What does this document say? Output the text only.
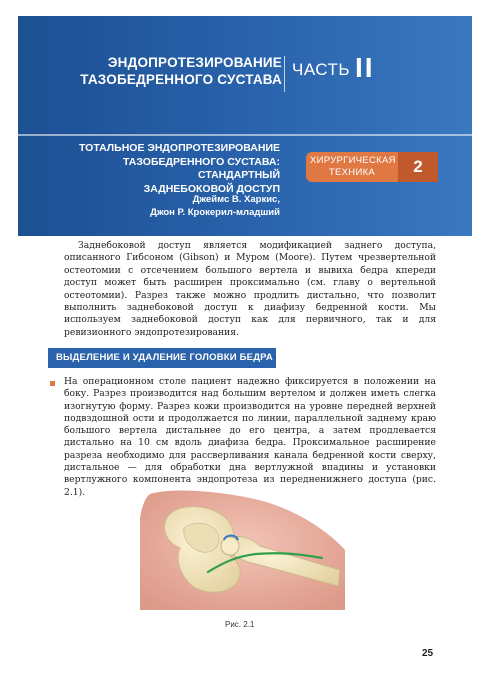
ЭНДОПРОТЕЗИРОВАНИЕ
ТАЗОБЕДРЕННОГО СУСТАВА
ЧАСТЬ II
ТОТАЛЬНОЕ ЭНДОПРОТЕЗИРОВАНИЕ
ТАЗОБЕДРЕННОГО СУСТАВА: СТАНДАРТНЫЙ
ЗАДНЕБОКОВОЙ ДОСТУП
Джеймс В. Харкис,
Джон Р. Крокерил-младший
ХИРУРГИЧЕСКАЯ
ТЕХНИКА	2
Заднебоковой доступ является модификацией заднего доступа, описанного Гибсоном (Gibson) и Муром (Moore). Путем чрезвертельной остеотомии с отсечением большого вертела и вывиха бедра кпереди доступ может быть расширен проксимально (см. главу о вертельной остеотомии). Разрез также можно продлить дистально, что позволит выполнить заднебоковой доступ к диафизу бедренной кости. Мы используем заднебоковой доступ как для первичного, так и для ревизионного эндопротезирования.
ВЫДЕЛЕНИЕ И УДАЛЕНИЕ ГОЛОВКИ БЕДРА
На операционном столе пациент надежно фиксируется в положении на боку. Разрез производится над большим вертелом и должен иметь слегка изогнутую форму. Разрез кожи производится на уровне передней верхней подвздошной ости и продолжается по линии, параллельной заднему краю большого вертела дистальнее до его центра, а затем продлевается дистально на 10 см вдоль диафиза бедра. Проксимальное расширение разреза необходимо для рассверливания канала бедренной кости сверху, дистальное — для обработки дна вертлужной впадины и установки вертлужного компонента эндопротеза из передненижнего доступа (рис. 2.1).
Рис. 2.1
25
